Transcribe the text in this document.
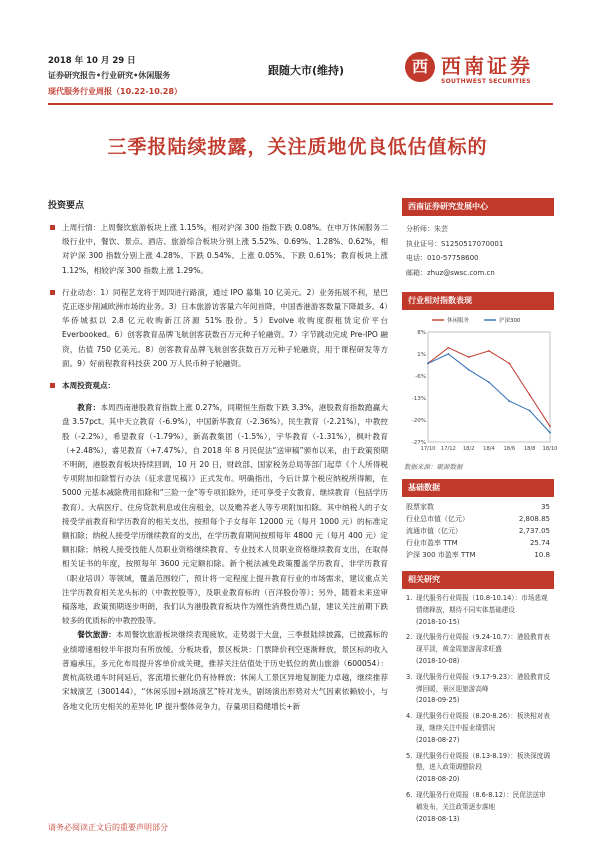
2018 年 10 月 29 日
证券研究报告•行业研究•休闲服务
现代服务行业周报（10.22-10.28）
跟随大市(维持)	西 西南证券
SOUTHWEST SECURITIES
三季报陆续披露，关注质地优良低估值标的
投资要点

上周行情：上周餐饮旅游板块上涨 1.15%，相对沪深 300 指数下跌 0.08%。在申万休闲服务二级行业中，餐饮、景点、酒店、旅游综合板块分别上涨 5.52%、0.69%、1.28%、0.62%，相对沪深 300 指数分别上涨 4.28%、下跌 0.54%、上涨 0.05%、下跌 0.61%；教育板块上涨 1.12%，相较沪深 300 指数上涨 1.29%。

行业动态：1）同程艺龙将于周四进行路演，通过 IPO 募集 10 亿美元。2）业务拓展不利，星巴克正逐步削减欧洲市场的业务。3）日本旅游访客量六年间首降，中国香港游客数量下降最多。4）华侨城拟以 2.8 亿元收购新江济源 51% 股份。5）Evolve 收购度假租赁定价平台 Everbooked。6）创客教育品牌飞航创客获数百万元种子轮融资。7）字节跳动完成 Pre-IPO 融资，估值 750 亿美元。8）创客教育品牌飞航创客获数百万元种子轮融资，用于课程研发等方面。9）好前程教育科技获 200 万人民币种子轮融资。

本周投资观点：

教育：本周西南港股教育指数上涨 0.27%，同期恒生指数下跌 3.3%，港股教育指数跑赢大盘 3.57pct。其中天立教育（-6.9%），中国新华教育（-2.36%），民生教育（-2.21%），中教控股（-2.2%），希望教育（-1.79%），新高教集团（-1.5%），宇华教育（-1.31%），枫叶教育（+2.48%），睿见教育（+7.47%）。自 2018 年 8 月民促法“送审稿”颁布以来，由于政策预期不明朗，港股教育板块持续回调，10 月 20 日，财政部、国家税务总局等部门起草《个人所得税专项附加扣除暂行办法（征求意见稿）》正式发布。明确指出，今后计算个税应纳税所得额，在 5000 元基本减除费用扣除和“三险一金”等专项扣除外，还可享受子女教育、继续教育（包括学历教育）、大病医疗、住房贷款利息或住房租金，以及赡养老人等专项附加扣除。其中纳税人的子女接受学前教育和学历教育的相关支出，按照每个子女每年 12000 元（每月 1000 元）的标准定额扣除；纳税人接受学历继续教育的支出，在学历教育期间按照每年 4800 元（每月 400 元）定额扣除；纳税人接受技能人员职业资格继续教育、专业技术人员职业资格继续教育支出，在取得相关证书的年度，按照每年 3600 元定额扣除。新个税法减免政策覆盖学历教育、非学历教育（职业培训）等领域，覆盖范围较广，预计将一定程度上提升教育行业的市场需求，建议重点关注学历教育相关龙头标的（中教控股等），及职业教育标的（百洋股份等）；另外，随着未来送审稿落地，政策预期逐步明朗，我们认为港股教育板块作为刚性消费性质凸显，建议关注前期下跌较多的优质标的中教控股等。

餐饮旅游：本周餐饮旅游板块继续表现疲软，走势弱于大盘，三季报陆续披露，已披露标的业绩增速相较半年报均有所放缓。分板块看，景区板块：门票降价利空逐渐释放，景区标的收入普遍承压，多元化布局提升客单价成关键，推荐关注估值处于历史低位的黄山旅游（600054）：黄杭高铁通车时间延后，客流增长催化仍有待释放；休闲人工景区异地复制能力卓越，继续推荐宋城演艺（300144），“休闲乐园+剧场演艺”特对龙头，剧场演出形势对大气因素依赖较小，与各地文化历史相关的差异化 IP 提升整体竞争力，存量项目稳健增长+新

西南证券研究发展中心
分析师：朱芸
执业证号：S1250517070001
电话：010-57758600
邮箱：zhuz@swsc.com.cn
行业相对指数表现
8%
1%
-6%
-13%
-20%
-27%
17/10 17/12 18/2 18/4 18/6 18/8 18/10
休闲服务	沪深300
数据来源：聚源数据
基础数据
股票家数	35
行业总市值（亿元）	2,808.85
流通市值（亿元）	2,737.05
行业市盈率 TTM	25.74
沪深 300 市盈率 TTM	10.8
相关研究
1. 现代服务行业周报（10.8-10.14）：市场悲观情绪释放，期待不同实体基础建设
(2018-10-15)
2. 现代服务行业周报（9.24-10.7）：港股教育表现平淡，黄金周旅游需求旺盛
(2018-10-08)
3. 现代服务行业周报（9.17-9.23）：港股教育反弹回暖，景区迎旅游高峰
(2018-09-25)
4. 现代服务行业周报（8.20-8.26）：板块相对表现，继续关注中报业绩情况
(2018-08-27)
5. 现代服务行业周报（8.13-8.19）：板块深度调整，进入政策调整阶段
(2018-08-20)
6. 现代服务行业周报（8.6-8.12）：民促法送审稿发布，关注政策逐步落地
(2018-08-13)
请务必阅读正文后的重要声明部分
